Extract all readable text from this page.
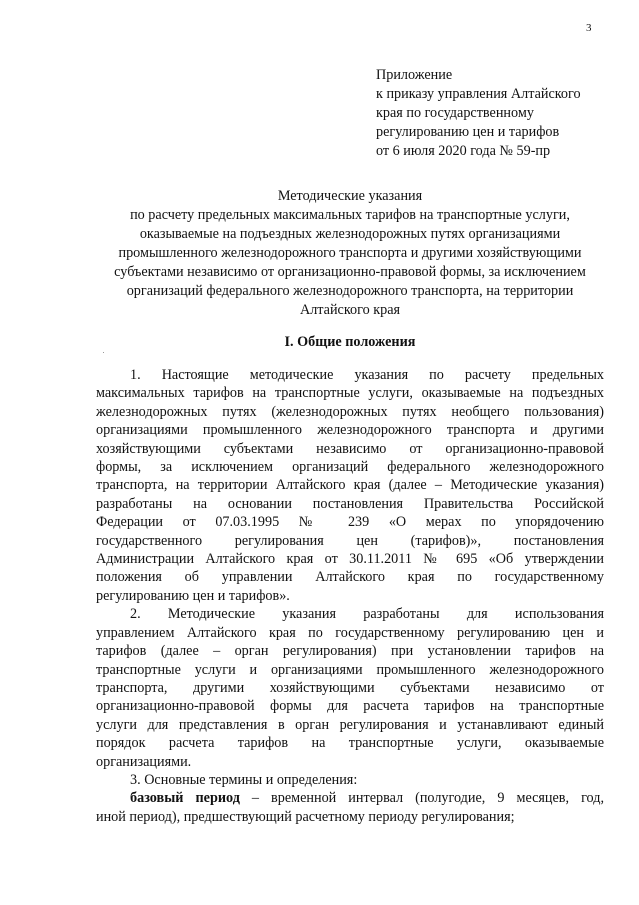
3
Приложение
к приказу управления Алтайского
края по государственному
регулированию цен и тарифов
от 6 июля 2020 года № 59-пр
Методические указания
по расчету предельных максимальных тарифов на транспортные услуги,
оказываемые на подъездных железнодорожных путях организациями
промышленного железнодорожного транспорта и другими хозяйствующими
субъектами независимо от организационно-правовой формы, за исключением
организаций федерального железнодорожного транспорта, на территории
Алтайского края
I. Общие положения
1. Настоящие методические указания по расчету предельных
максимальных тарифов на транспортные услуги, оказываемые на подъездных
железнодорожных путях (железнодорожных путях необщего пользования)
организациями промышленного железнодорожного транспорта и другими
хозяйствующими субъектами независимо от организационно-правовой
формы, за исключением организаций федерального железнодорожного
транспорта, на территории Алтайского края (далее – Методические указания)
разработаны на основании постановления Правительства Российской
Федерации от 07.03.1995 № 239 «О мерах по упорядочению
государственного регулирования цен (тарифов)», постановления
Администрации Алтайского края от 30.11.2011 № 695 «Об утверждении
положения об управлении Алтайского края по государственному
регулированию цен и тарифов».
2. Методические указания разработаны для использования
управлением Алтайского края по государственному регулированию цен и
тарифов (далее – орган регулирования) при установлении тарифов на
транспортные услуги и организациями промышленного железнодорожного
транспорта, другими хозяйствующими субъектами независимо от
организационно-правовой формы для расчета тарифов на транспортные
услуги для представления в орган регулирования и устанавливают единый
порядок расчета тарифов на транспортные услуги, оказываемые
организациями.
3. Основные термины и определения:
базовый период – временной интервал (полугодие, 9 месяцев, год,
иной период), предшествующий расчетному периоду регулирования;
